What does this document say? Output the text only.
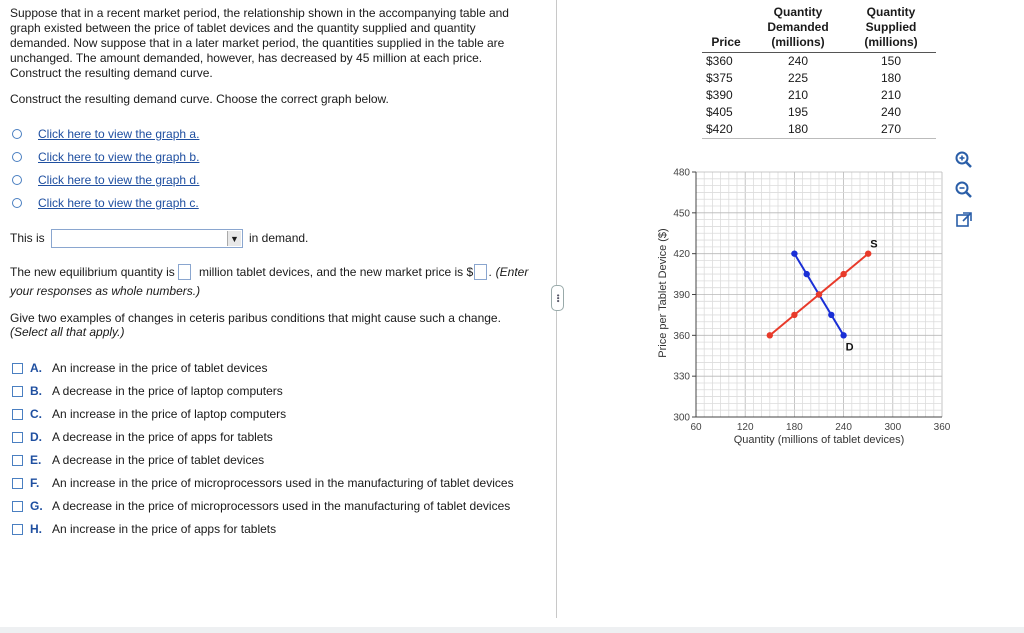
Suppose that in a recent market period, the relationship shown in the accompanying table and
graph existed between the price of tablet devices and the quantity supplied and quantity
demanded. Now suppose that in a later market period, the quantities supplied in the table are
unchanged. The amount demanded, however, has decreased by 45 million at each price.
Construct the resulting demand curve.

Construct the resulting demand curve. Choose the correct graph below.
Click here to view the graph a.
Click here to view the graph b.
Click here to view the graph d.
Click here to view the graph c.
This is	▼ in demand.
The new equilibrium quantity is million tablet devices, and the new market price is $ . (Enter
your responses as whole numbers.)
Give two examples of changes in ceteris paribus conditions that might cause such a change.
(Select all that apply.)
A. An increase in the price of tablet devices
B. A decrease in the price of laptop computers
C. An increase in the price of laptop computers
D. A decrease in the price of apps for tablets
E. A decrease in the price of tablet devices
F. An increase in the price of microprocessors used in the manufacturing of tablet devices
G. A decrease in the price of microprocessors used in the manufacturing of tablet devices
H. An increase in the price of apps for tablets
•••
Price	Quantity
Demanded
(millions)	Quantity
Supplied
(millions)
$360	240	150
$375	225	180
$390	210	210
$405	195	240
$420	180	270
60	120	180	240	300	360
300
330
360
390
420
450
480
D
S
Quantity (millions of tablet devices)
Price per Tablet Device ($)
